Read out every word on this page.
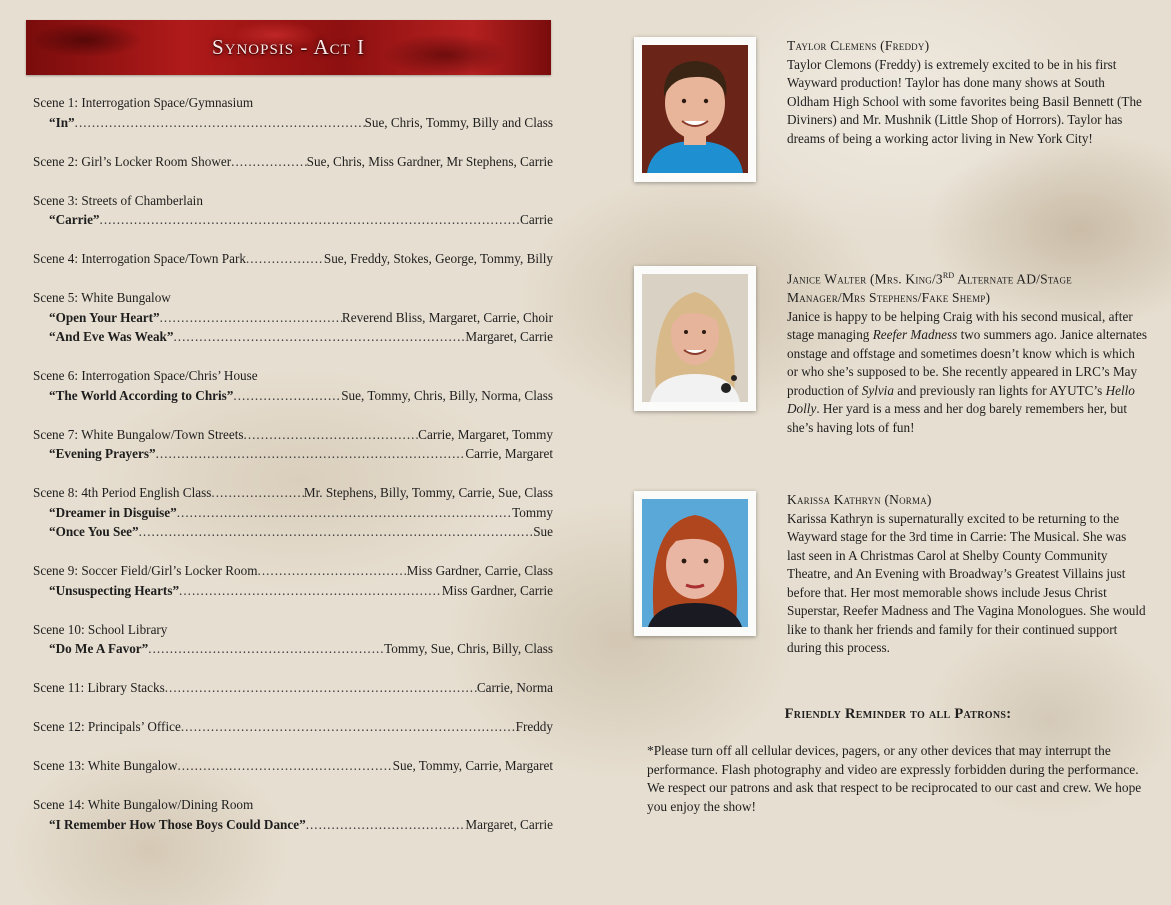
Synopsis - Act I
Scene 1: Interrogation Space/Gymnasium
“In” .....	Sue, Chris, Tommy, Billy and Class
Scene 2: Girl’s Locker Room Shower .....	Sue, Chris, Miss Gardner, Mr Stephens, Carrie
Scene 3: Streets of Chamberlain
“Carrie” .....	Carrie
Scene 4: Interrogation Space/Town Park .....	Sue, Freddy, Stokes, George, Tommy, Billy
Scene 5: White Bungalow
“Open Your Heart” .....	Reverend Bliss, Margaret, Carrie, Choir
“And Eve Was Weak” .....	Margaret, Carrie
Scene 6: Interrogation Space/Chris’ House
“The World According to Chris” .....	Sue, Tommy, Chris, Billy, Norma, Class
Scene 7: White Bungalow/Town Streets .....	Carrie, Margaret, Tommy
“Evening Prayers” .....	Carrie, Margaret
Scene 8: 4th Period English Class .....	Mr. Stephens, Billy, Tommy, Carrie, Sue, Class
“Dreamer in Disguise” .....	Tommy
“Once You See” .....	Sue
Scene 9: Soccer Field/Girl’s Locker Room .....	Miss Gardner, Carrie, Class
“Unsuspecting Hearts” .....	Miss Gardner, Carrie
Scene 10: School Library
“Do Me A Favor” .....	Tommy, Sue, Chris, Billy, Class
Scene 11: Library Stacks .....	Carrie, Norma
Scene 12: Principals’ Office .....	Freddy
Scene 13: White Bungalow .....	Sue, Tommy, Carrie, Margaret
Scene 14: White Bungalow/Dining Room
“I Remember How Those Boys Could Dance” .....	Margaret, Carrie
Taylor Clemens (Freddy)

Taylor Clemons (Freddy) is extremely excited to be in his first Wayward production! Taylor has done many shows at South Oldham High School with some favorites being Basil Bennett (The Diviners) and Mr. Mushnik (Little Shop of Horrors). Taylor has dreams of being a working actor living in New York City!

Janice Walter (Mrs. King/3rd Alternate AD/Stage Manager/Mrs Stephens/Fake Shemp)

Janice is happy to be helping Craig with his second musical, after stage managing Reefer Madness two summers ago. Janice alternates onstage and offstage and sometimes doesn’t know which is which or who she’s supposed to be. She recently appeared in LRC’s May production of Sylvia and previously ran lights for AYUTC’s Hello Dolly. Her yard is a mess and her dog barely remembers her, but she’s having lots of fun!

Karissa Kathryn (Norma)

Karissa Kathryn is supernaturally excited to be returning to the Wayward stage for the 3rd time in Carrie: The Musical. She was last seen in A Christmas Carol at Shelby County Community Theatre, and An Evening with Broadway’s Greatest Villains just before that. Her most memorable shows include Jesus Christ Superstar, Reefer Madness and The Vagina Monologues. She would like to thank her friends and family for their continued support during this process.

Friendly Reminder to all Patrons:
*Please turn off all cellular devices, pagers, or any other devices that may interrupt the performance. Flash photography and video are expressly forbidden during the performance. We respect our patrons and ask that respect to be reciprocated to our cast and crew. We hope you enjoy the show!
